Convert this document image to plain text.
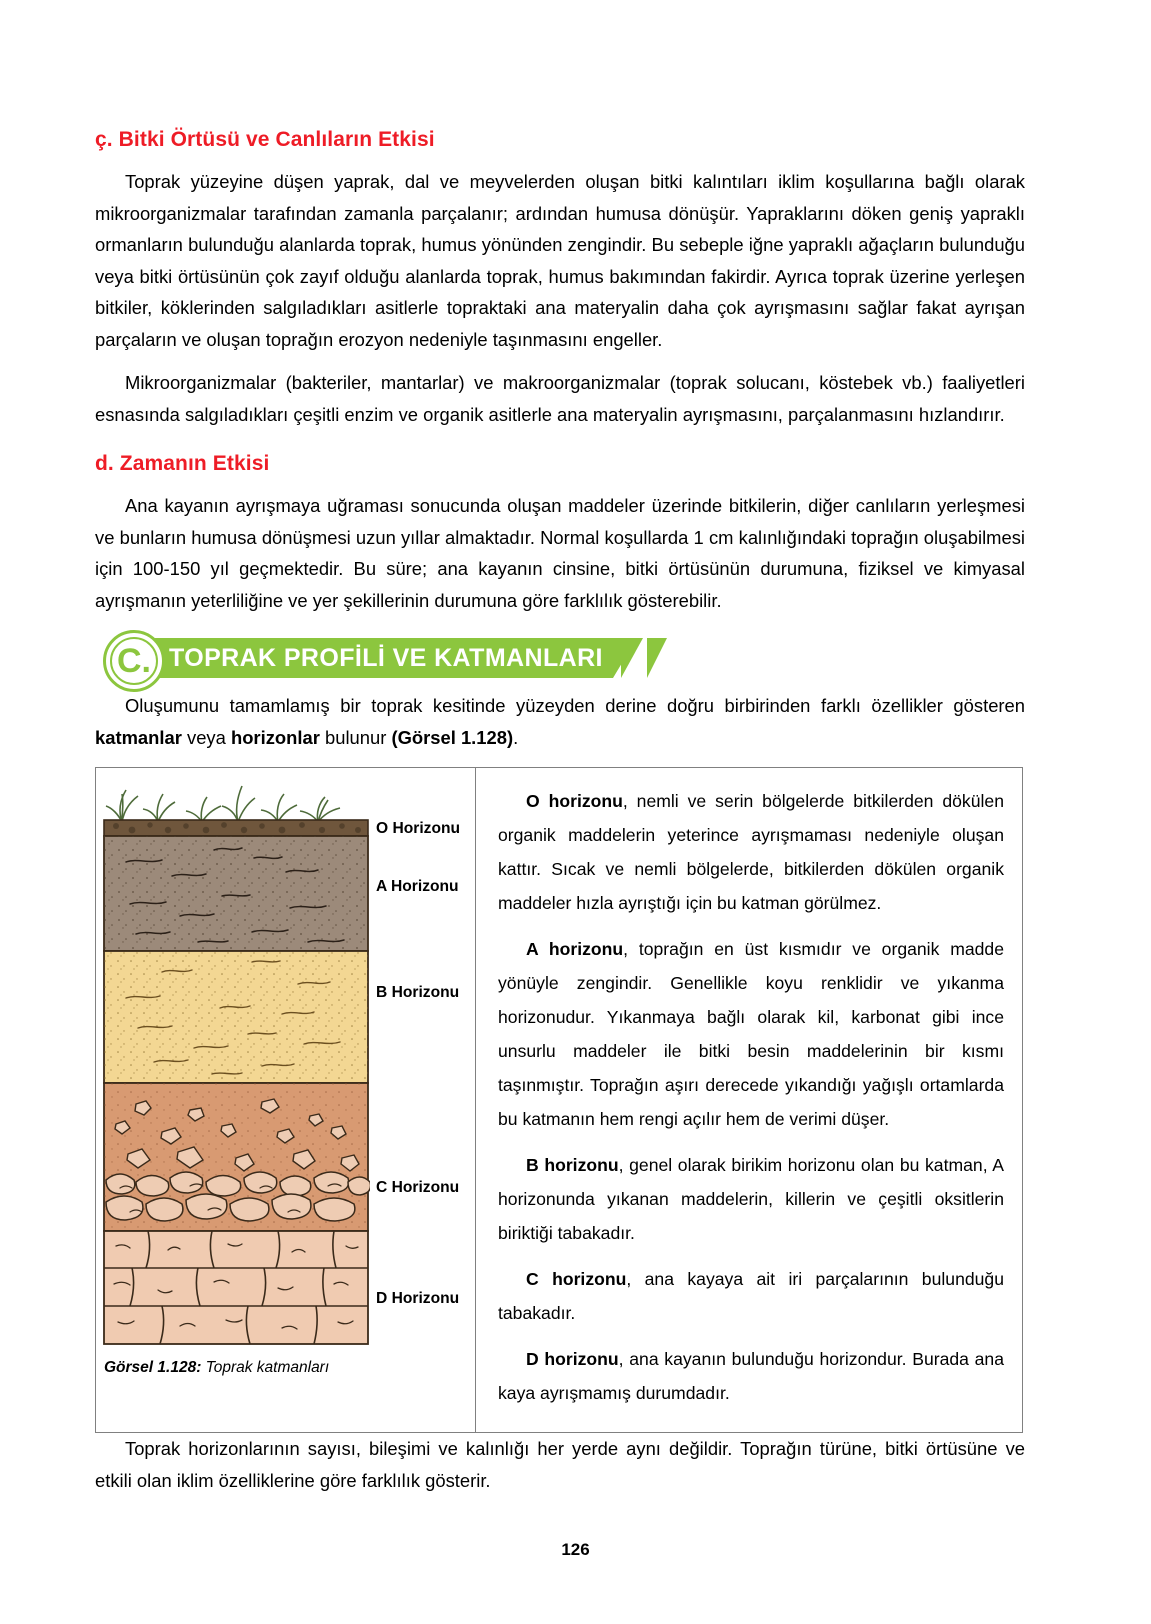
ç. Bitki Örtüsü ve Canlıların Etkisi

Toprak yüzeyine düşen yaprak, dal ve meyvelerden oluşan bitki kalıntıları iklim koşullarına bağlı olarak mikroorganizmalar tarafından zamanla parçalanır; ardından humusa dönüşür. Yapraklarını döken geniş yapraklı ormanların bulunduğu alanlarda toprak, humus yönünden zengindir. Bu sebeple iğne yapraklı ağaçların bulunduğu veya bitki örtüsünün çok zayıf olduğu alanlarda toprak, humus bakımından fakirdir. Ayrıca toprak üzerine yerleşen bitkiler, köklerinden salgıladıkları asitlerle topraktaki ana materyalin daha çok ayrışmasını sağlar fakat ayrışan parçaların ve oluşan toprağın erozyon nedeniyle taşınmasını engeller.

Mikroorganizmalar (bakteriler, mantarlar) ve makroorganizmalar (toprak solucanı, köstebek vb.) faaliyetleri esnasında salgıladıkları çeşitli enzim ve organik asitlerle ana materyalin ayrışmasını, parçalanmasını hızlandırır.

d. Zamanın Etkisi

Ana kayanın ayrışmaya uğraması sonucunda oluşan maddeler üzerinde bitkilerin, diğer canlıların yerleşmesi ve bunların humusa dönüşmesi uzun yıllar almaktadır. Normal koşullarda 1 cm kalınlığındaki toprağın oluşabilmesi için 100-150 yıl geçmektedir. Bu süre; ana kayanın cinsine, bitki örtüsünün durumuna, fiziksel ve kimyasal ayrışmanın yeterliliğine ve yer şekillerinin durumuna göre farklılık gösterebilir.

C. TOPRAK PROFİLİ VE KATMANLARI

Oluşumunu tamamlamış bir toprak kesitinde yüzeyden derine doğru birbirinden farklı özellikler gösteren katmanlar veya horizonlar bulunur (Görsel 1.128).

O Horizonu
A Horizonu
B Horizonu
C Horizonu
D Horizonu
Görsel 1.128: Toprak katmanları

O horizonu, nemli ve serin bölgelerde bitkilerden dökülen organik maddelerin yeterince ayrışmaması nedeniyle oluşan kattır. Sıcak ve nemli bölgelerde, bitkilerden dökülen organik maddeler hızla ayrıştığı için bu katman görülmez.

A horizonu, toprağın en üst kısmıdır ve organik madde yönüyle zengindir. Genellikle koyu renklidir ve yıkanma horizonudur. Yıkanmaya bağlı olarak kil, karbonat gibi ince unsurlu maddeler ile bitki besin maddelerinin bir kısmı taşınmıştır. Toprağın aşırı derecede yıkandığı yağışlı ortamlarda bu katmanın hem rengi açılır hem de verimi düşer.

B horizonu, genel olarak birikim horizonu olan bu katman, A horizonunda yıkanan maddelerin, killerin ve çeşitli oksitlerin biriktiği tabakadır.

C horizonu, ana kayaya ait iri parçalarının bulunduğu tabakadır.

D horizonu, ana kayanın bulunduğu horizondur. Burada ana kaya ayrışmamış durumdadır.

Toprak horizonlarının sayısı, bileşimi ve kalınlığı her yerde aynı değildir. Toprağın türüne, bitki örtüsüne ve etkili olan iklim özelliklerine göre farklılık gösterir.

126
